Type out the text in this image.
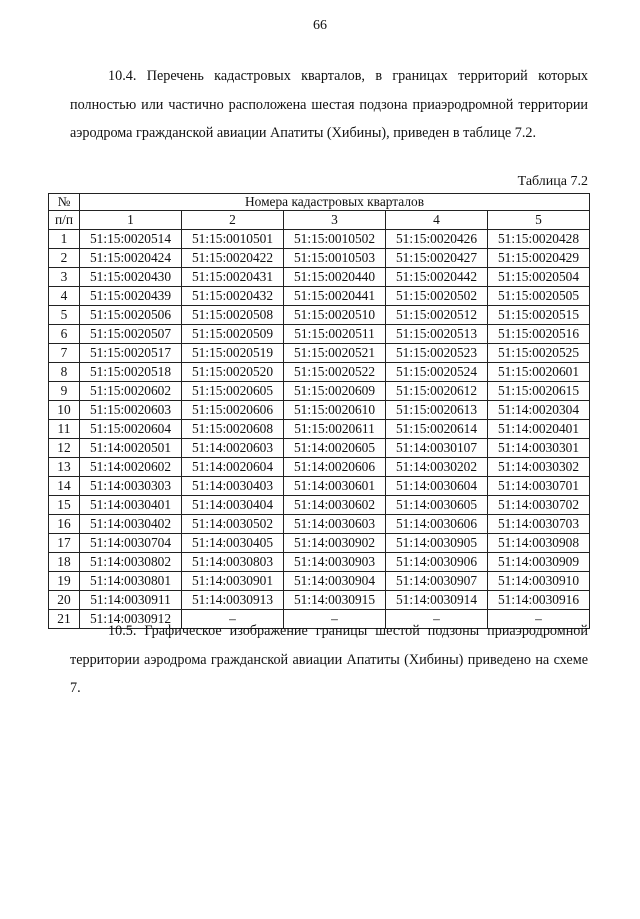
66
10.4. Перечень кадастровых кварталов, в границах территорий которых полностью или частично расположена шестая подзона приаэродромной территории аэродрома гражданской авиации Апатиты (Хибины), приведен в таблице 7.2.
Таблица 7.2
№	Номера кадастровых кварталов				
п/п	1	2	3	4	5
1	51:15:0020514	51:15:0010501	51:15:0010502	51:15:0020426	51:15:0020428
2	51:15:0020424	51:15:0020422	51:15:0010503	51:15:0020427	51:15:0020429
3	51:15:0020430	51:15:0020431	51:15:0020440	51:15:0020442	51:15:0020504
4	51:15:0020439	51:15:0020432	51:15:0020441	51:15:0020502	51:15:0020505
5	51:15:0020506	51:15:0020508	51:15:0020510	51:15:0020512	51:15:0020515
6	51:15:0020507	51:15:0020509	51:15:0020511	51:15:0020513	51:15:0020516
7	51:15:0020517	51:15:0020519	51:15:0020521	51:15:0020523	51:15:0020525
8	51:15:0020518	51:15:0020520	51:15:0020522	51:15:0020524	51:15:0020601
9	51:15:0020602	51:15:0020605	51:15:0020609	51:15:0020612	51:15:0020615
10	51:15:0020603	51:15:0020606	51:15:0020610	51:15:0020613	51:14:0020304
11	51:15:0020604	51:15:0020608	51:15:0020611	51:15:0020614	51:14:0020401
12	51:14:0020501	51:14:0020603	51:14:0020605	51:14:0030107	51:14:0030301
13	51:14:0020602	51:14:0020604	51:14:0020606	51:14:0030202	51:14:0030302
14	51:14:0030303	51:14:0030403	51:14:0030601	51:14:0030604	51:14:0030701
15	51:14:0030401	51:14:0030404	51:14:0030602	51:14:0030605	51:14:0030702
16	51:14:0030402	51:14:0030502	51:14:0030603	51:14:0030606	51:14:0030703
17	51:14:0030704	51:14:0030405	51:14:0030902	51:14:0030905	51:14:0030908
18	51:14:0030802	51:14:0030803	51:14:0030903	51:14:0030906	51:14:0030909
19	51:14:0030801	51:14:0030901	51:14:0030904	51:14:0030907	51:14:0030910
20	51:14:0030911	51:14:0030913	51:14:0030915	51:14:0030914	51:14:0030916
21	51:14:0030912	–	–	–	–
10.5. Графическое изображение границы шестой подзоны приаэродромной территории аэродрома гражданской авиации Апатиты (Хибины) приведено на схеме 7.
